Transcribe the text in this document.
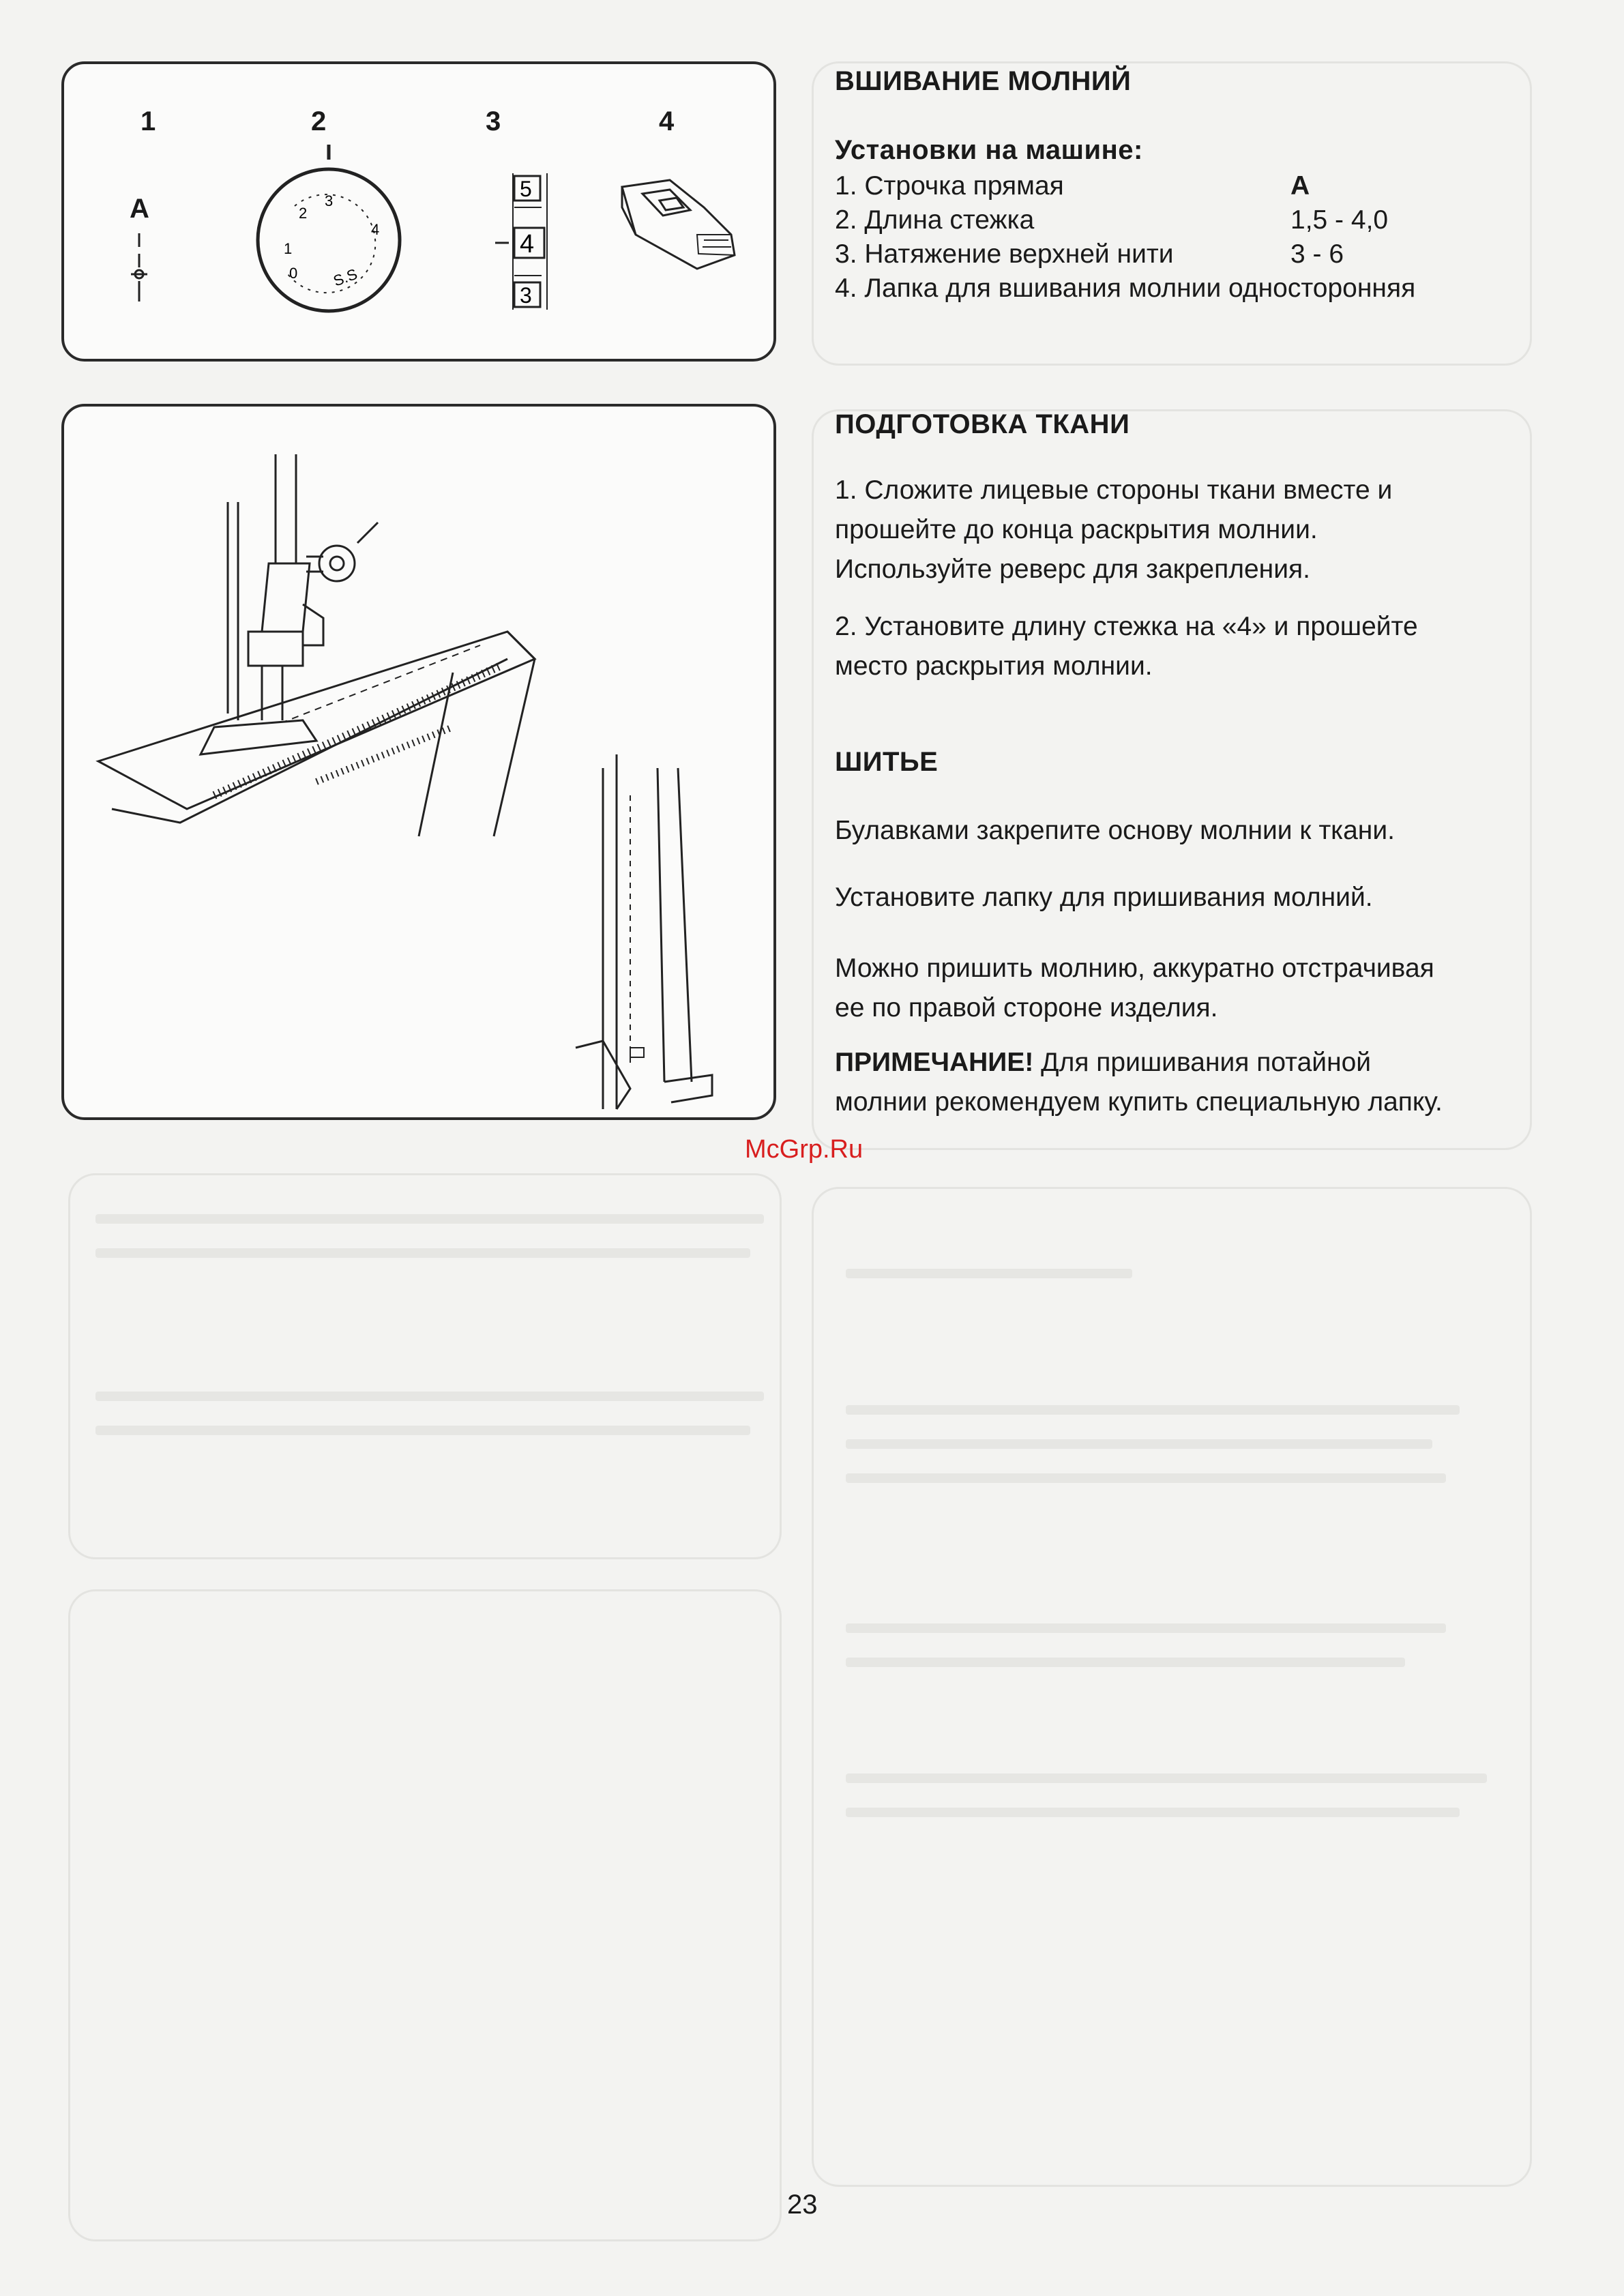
1	2	3	4
A	3
4
2
1
0 S.S
5
4
3
ВШИВАНИЕ МОЛНИЙ
Установки на машине:
1. Строчка прямая	A
2. Длина стежка	1,5 - 4,0
3. Натяжение верхней нити	3 - 6
4. Лапка для вшивания молнии односторонняя
ПОДГОТОВКА ТКАНИ

1. Сложите лицевые стороны ткани вместе и
прошейте до конца раскрытия молнии.
Используйте реверс для закрепления.

2. Установите длину стежка на «4» и прошейте
место раскрытия молнии.

ШИТЬЕ

Булавками закрепите основу молнии к ткани.

Установите лапку для пришивания молний.

Можно пришить молнию, аккуратно отстрачивая
ее по правой стороне изделия.

ПРИМЕЧАНИЕ! Для пришивания потайной
молнии рекомендуем купить специальную лапку.

McGrp.Ru
23
